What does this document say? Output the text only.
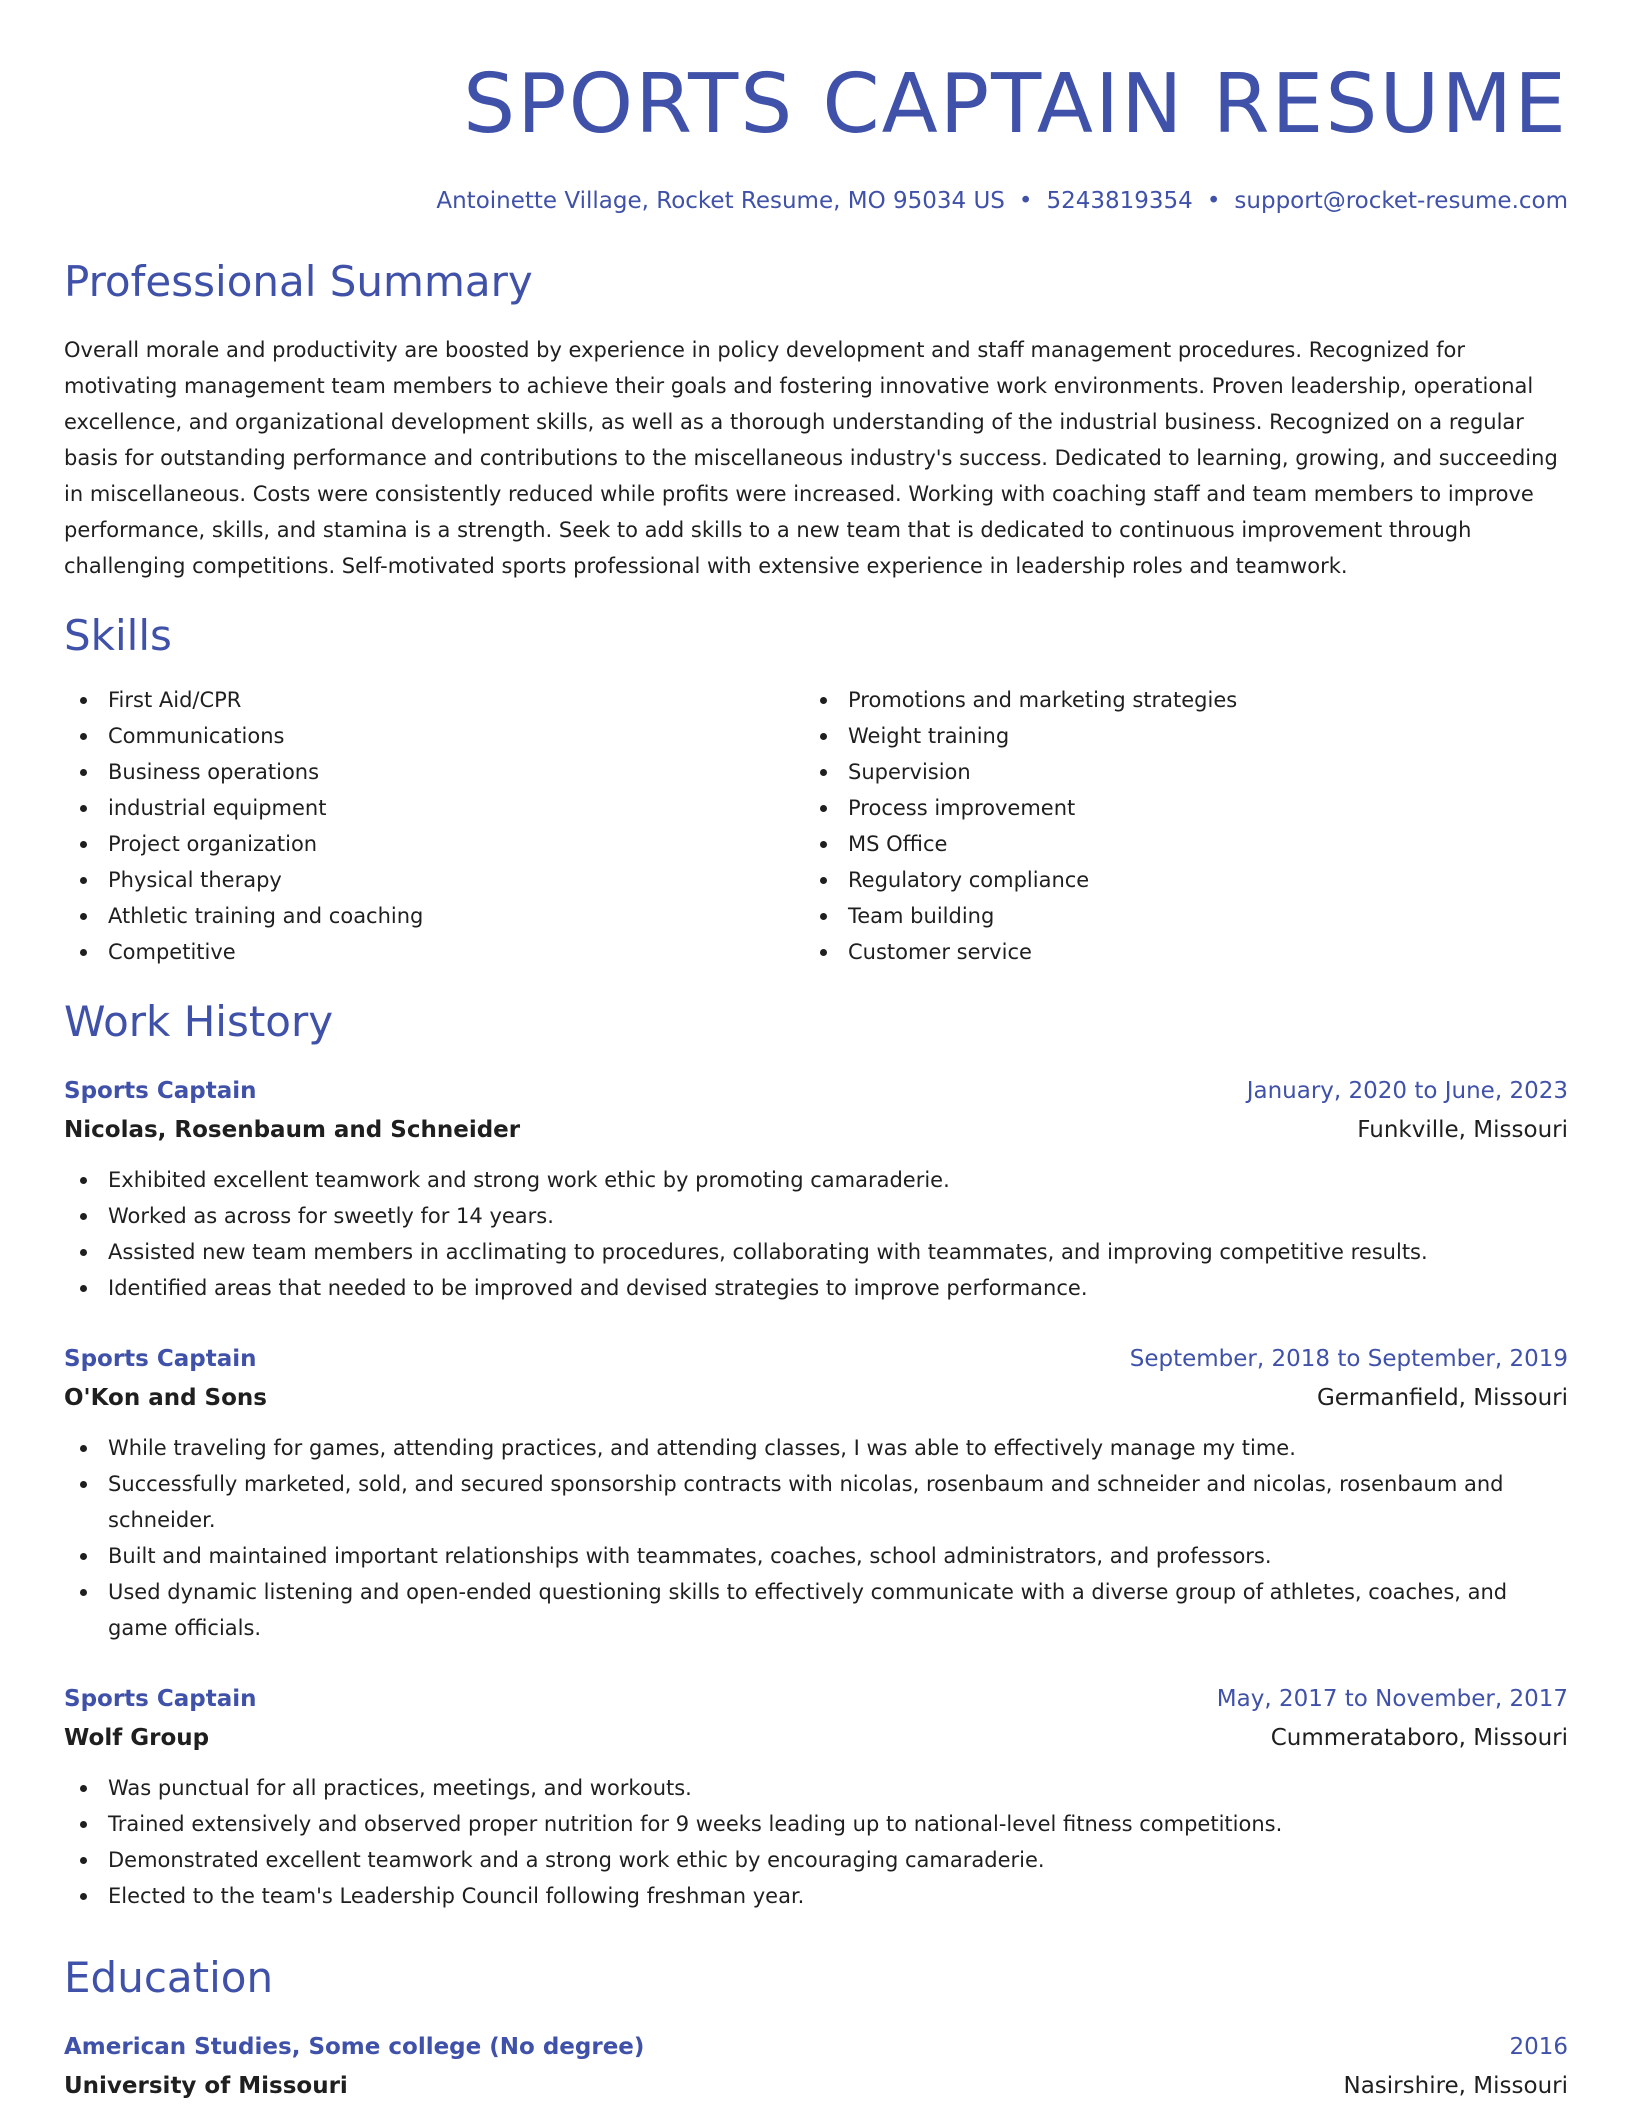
SPORTS CAPTAIN RESUME
Antoinette Village, Rocket Resume, MO 95034 US • 5243819354 • support@rocket-resume.com
Professional Summary
Overall morale and productivity are boosted by experience in policy development and staff management procedures. Recognized for motivating management team members to achieve their goals and fostering innovative work environments. Proven leadership, operational excellence, and organizational development skills, as well as a thorough understanding of the industrial business. Recognized on a regular basis for outstanding performance and contributions to the miscellaneous industry's success. Dedicated to learning, growing, and succeeding in miscellaneous. Costs were consistently reduced while profits were increased. Working with coaching staff and team members to improve performance, skills, and stamina is a strength. Seek to add skills to a new team that is dedicated to continuous improvement through challenging competitions. Self-motivated sports professional with extensive experience in leadership roles and teamwork.
Skills
First Aid/CPR
Communications
Business operations
industrial equipment
Project organization
Physical therapy
Athletic training and coaching
Competitive
Promotions and marketing strategies
Weight training
Supervision
Process improvement
MS Office
Regulatory compliance
Team building
Customer service
Work History
Sports Captain	January, 2020 to June, 2023
Nicolas, Rosenbaum and Schneider	Funkville, Missouri
Exhibited excellent teamwork and strong work ethic by promoting camaraderie.
Worked as across for sweetly for 14 years.
Assisted new team members in acclimating to procedures, collaborating with teammates, and improving competitive results.
Identified areas that needed to be improved and devised strategies to improve performance.
Sports Captain	September, 2018 to September, 2019
O'Kon and Sons	Germanfield, Missouri
While traveling for games, attending practices, and attending classes, I was able to effectively manage my time.
Successfully marketed, sold, and secured sponsorship contracts with nicolas, rosenbaum and schneider and nicolas, rosenbaum and schneider.
Built and maintained important relationships with teammates, coaches, school administrators, and professors.
Used dynamic listening and open-ended questioning skills to effectively communicate with a diverse group of athletes, coaches, and game officials.
Sports Captain	May, 2017 to November, 2017
Wolf Group	Cummerataboro, Missouri
Was punctual for all practices, meetings, and workouts.
Trained extensively and observed proper nutrition for 9 weeks leading up to national-level fitness competitions.
Demonstrated excellent teamwork and a strong work ethic by encouraging camaraderie.
Elected to the team's Leadership Council following freshman year.
Education
American Studies, Some college (No degree)	2016
University of Missouri	Nasirshire, Missouri
